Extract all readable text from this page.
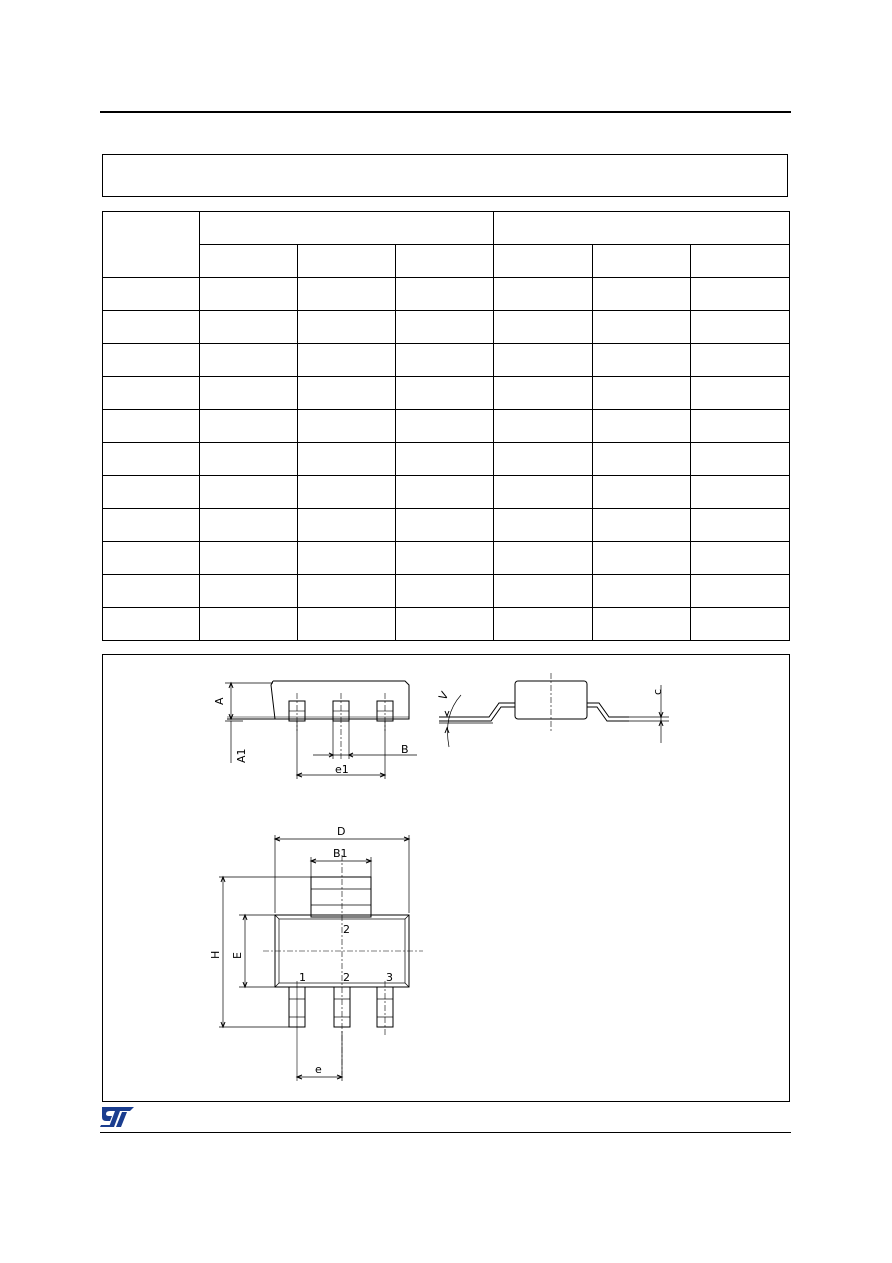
A
A1	B
e1
V	c
D
B1
H E
e
2
1	2	3
